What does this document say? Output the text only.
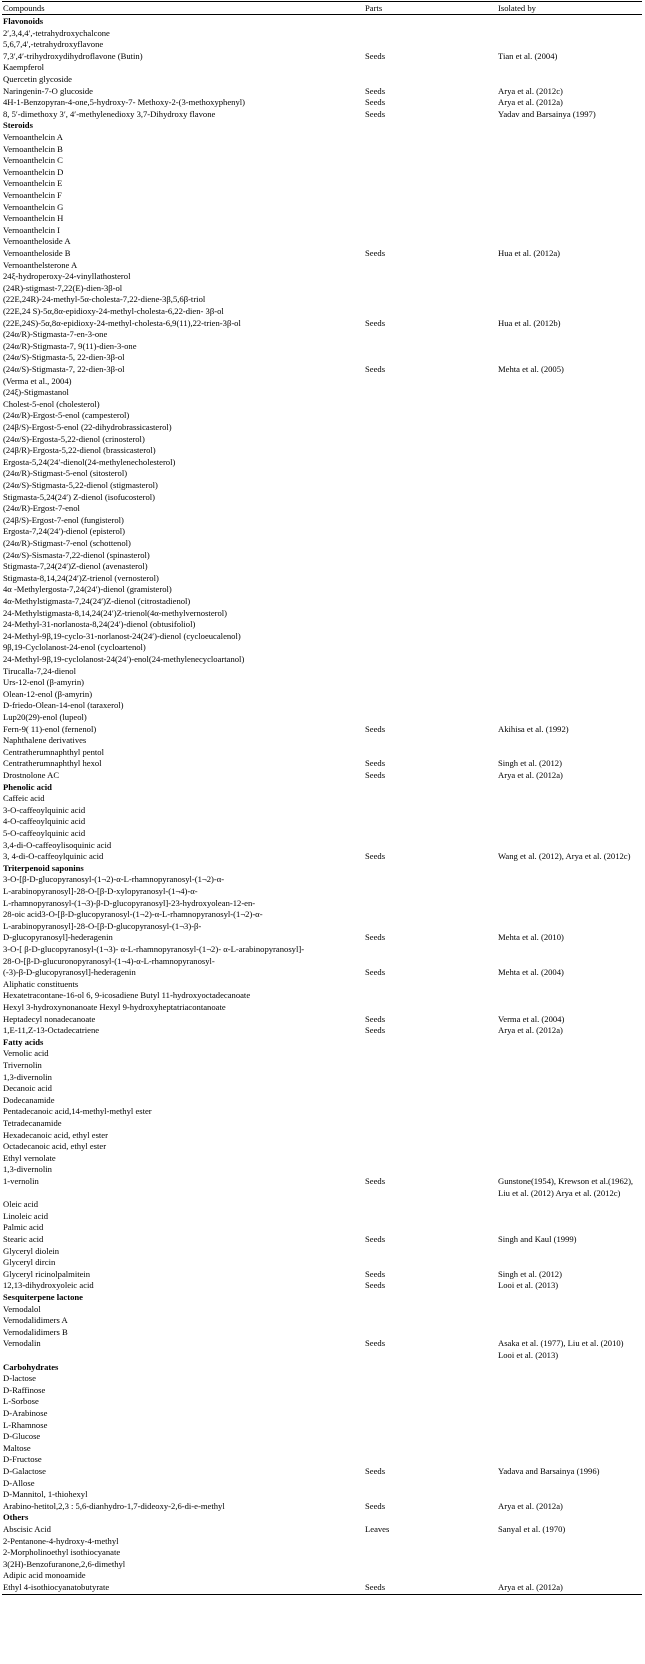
Compounds	Parts	Isolated by
Flavonoids
2′,3,4,4′,-tetrahydroxychalcone
5,6,7,4′,-tetrahydroxyflavone
7,3′,4′-trihydroxydihydroflavone (Butin)	Seeds	Tian et al. (2004)
Kaempferol
Quercetin glycoside
Naringenin-7-O glucoside	Seeds	Arya et al. (2012c)
4H-1-Benzopyran-4-one,5-hydroxy-7- Methoxy-2-(3-methoxyphenyl)	Seeds	Arya et al. (2012a)
8, 5′-dimethoxy 3′, 4′-methylenedioxy 3,7-Dihydroxy flavone	Seeds	Yadav and Barsainya (1997)
Steroids
Vernoanthelcin A
Vernoanthelcin B
Vernoanthelcin C
Vernoanthelcin D
Vernoanthelcin E
Vernoanthelcin F
Vernoanthelcin G
Vernoanthelcin H
Vernoanthelcin I
Vernoantheloside A
Vernoantheloside B	Seeds	Hua et al. (2012a)
Vernoanthelsterone A
24ξ-hydroperoxy-24-vinyllathosterol
(24R)-stigmast-7,22(E)-dien-3β-ol
(22E,24R)-24-methyl-5α-cholesta-7,22-diene-3β,5,6β-triol
(22E,24 S)-5α,8α-epidioxy-24-methyl-cholesta-6,22-dien- 3β-ol
(22E,24S)-5α,8α-epidioxy-24-methyl-cholesta-6,9(11),22-trien-3β-ol	Seeds	Hua et al. (2012b)
(24α/R)-Stigmasta-7-en-3-one
(24α/R)-Stigmasta-7, 9(11)-dien-3-one
(24α/S)-Stigmasta-5, 22-dien-3β-ol
(24α/S)-Stigmasta-7, 22-dien-3β-ol	Seeds	Mehta et al. (2005)
(Verma et al., 2004)
(24ξ)-Stigmastanol
Cholest-5-enol (cholesterol)
(24α/R)-Ergost-5-enol (campesterol)
(24β/S)-Ergost-5-enol (22-dihydrobrassicasterol)
(24α/S)-Ergosta-5,22-dienol (crinosterol)
(24β/R)-Ergosta-5,22-dienol (brassicasterol)
Ergosta-5,24(24′-dienol(24-methylenecholesterol)
(24α/R)-Stigmast-5-enol (sitosterol)
(24α/S)-Stigmasta-5,22-dienol (stigmasterol)
Stigmasta-5,24(24′) Z-dienol (isofucosterol)
(24α/R)-Ergost-7-enol
(24β/S)-Ergost-7-enol (fungisterol)
Ergosta-7,24(24′)-dienol (episterol)
(24α/R)-Stigmast-7-enol (schottenol)
(24α/S)-Sismasta-7,22-dienol (spinasterol)
Stigmasta-7,24(24′)Z-dienol (avenasterol)
Stigmasta-8,14,24(24′)Z-trienol (vernosterol)
4α -Methylergosta-7,24(24′)-dienol (gramisterol)
4α-Methylstigmasta-7,24(24′)Z-dienol (citrostadienol)
24-Methylstigmasta-8,14,24(24′)Z-trienol(4α-methylvernosterol)
24-Methyl-31-norlanosta-8,24(24′)-dienol (obtusifoliol)
24-Methyl-9β,19-cyclo-31-norlanost-24(24′)-dienol (cycloeucalenol)
9β,19-Cyclolanost-24-enol (cycloartenol)
24-Methyl-9β,19-cyclolanost-24(24′)-enol(24-methylenecycloartanol)
Tirucalla-7,24-dienol
Urs-12-enol (β-amyrin)
Olean-12-enol (β-amyrin)
D-friedo-Olean-14-enol (taraxerol)
Lup20(29)-enol (lupeol)
Fern-9( 11)-enol (fernenol)	Seeds	Akihisa et al. (1992)
Naphthalene derivatives
Centratherumnaphthyl pentol
Centratherumnaphthyl hexol	Seeds	Singh et al. (2012)
Drostnolone AC	Seeds	Arya et al. (2012a)
Phenolic acid
Caffeic acid
3-O-caffeoylquinic acid
4-O-caffeoylquinic acid
5-O-caffeoylquinic acid
3,4-di-O-caffeoylisoquinic acid
3, 4-di-O-caffeoylquinic acid	Seeds	Wang et al. (2012), Arya et al. (2012c)
Triterpenoid saponins
3-O-[β-D-glucopyranosyl-(1¬2)-α-L-rhamnopyranosyl-(1¬2)-α-
L-arabinopyranosyl]-28-O-[β-D-xylopyranosyl-(1¬4)-α-
L-rhamnopyranosyl-(1¬3)-β-D-glucopyranosyl]-23-hydroxyolean-12-en-
28-oic acid3-O-[β-D-glucopyranosyl-(1¬2)-α-L-rhamnopyranosyl-(1¬2)-α-
L-arabinopyranosyl]-28-O-[β-D-glucopyranosyl-(1¬3)-β-
D-glucopyranosyl]-hederagenin	Seeds	Mehta et al. (2010)
3-O-[ β-D-glucopyranosyl-(1¬3)- α-L-rhamnopyranosyl-(1¬2)- α-L-arabinopyranosyl]-
28-O-[β-D-glucuronopyranosyl-(1¬4)-α-L-rhamnopyranosyl-
(-3)-β-D-glucopyranosyl]-hederagenin	Seeds	Mehta et al. (2004)
Aliphatic constituents
Hexatetracontane-16-ol 6, 9-icosadiene Butyl 11-hydroxyoctadecanoate
Hexyl 3-hydroxynonanoate Hexyl 9-hydroxyheptatriacontanoate
Heptadecyl nonadecanoate	Seeds	Verma et al. (2004)
1,E-11,Z-13-Octadecatriene	Seeds	Arya et al. (2012a)
Fatty acids
Vernolic acid
Trivernolin
1,3-divernolin
Decanoic acid
Dodecanamide
Pentadecanoic acid,14-methyl-methyl ester
Tetradecanamide
Hexadecanoic acid, ethyl ester
Octadecanoic acid, ethyl ester
Ethyl vernolate
1,3-divernolin
1-vernolin	Seeds	Gunstone(1954), Krewson et al.(1962),
Liu et al. (2012) Arya et al. (2012c)
Oleic acid
Linoleic acid
Palmic acid
Stearic acid	Seeds	Singh and Kaul (1999)
Glyceryl diolein
Glyceryl dircin
Glyceryl ricinolpalmitein	Seeds	Singh et al. (2012)
12,13-dihydroxyoleic acid	Seeds	Looi et al. (2013)
Sesquiterpene lactone
Vernodalol
Vernodalidimers A
Vernodalidimers B
Vernodalin	Seeds	Asaka et al. (1977), Liu et al. (2010)
Looi et al. (2013)
Carbohydrates
D-lactose
D-Raffinose
L-Sorbose
D-Arabinose
L-Rhamnose
D-Glucose
Maltose
D-Fructose
D-Galactose	Seeds	Yadava and Barsainya (1996)
D-Allose
D-Mannitol, 1-thiohexyl
Arabino-hetitol,2,3 : 5,6-dianhydro-1,7-dideoxy-2,6-di-e-methyl	Seeds	Arya et al. (2012a)
Others
Abscisic Acid	Leaves	Sanyal et al. (1970)
2-Pentanone-4-hydroxy-4-methyl
2-Morpholinoethyl isothiocyanate
3(2H)-Benzofuranone,2,6-dimethyl
Adipic acid monoamide
Ethyl 4-isothiocyanatobutyrate	Seeds	Arya et al. (2012a)
